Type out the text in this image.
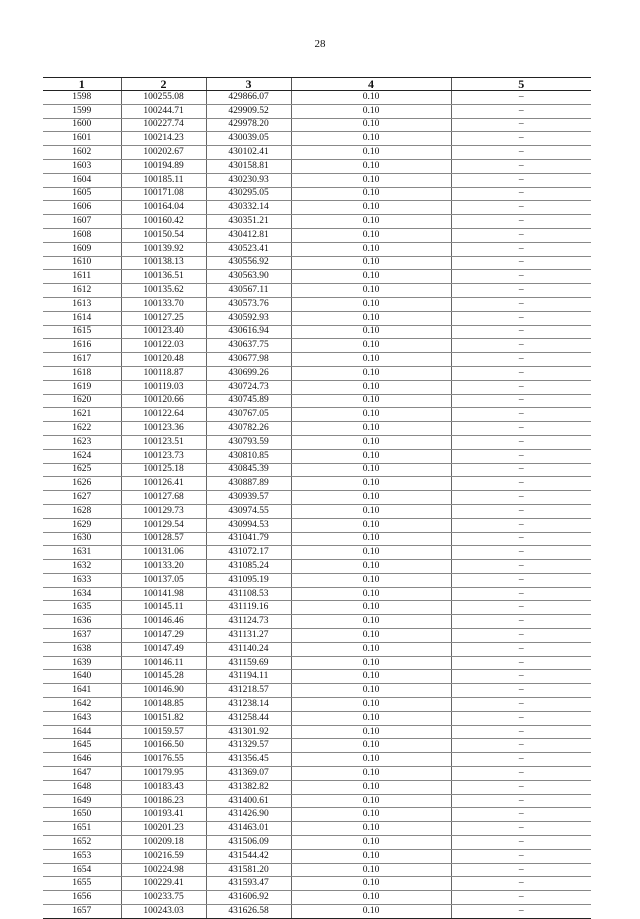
28
1	2	3	4	5
1598	100255.08	429866.07	0.10	–
1599	100244.71	429909.52	0.10	–
1600	100227.74	429978.20	0.10	–
1601	100214.23	430039.05	0.10	–
1602	100202.67	430102.41	0.10	–
1603	100194.89	430158.81	0.10	–
1604	100185.11	430230.93	0.10	–
1605	100171.08	430295.05	0.10	–
1606	100164.04	430332.14	0.10	–
1607	100160.42	430351.21	0.10	–
1608	100150.54	430412.81	0.10	–
1609	100139.92	430523.41	0.10	–
1610	100138.13	430556.92	0.10	–
1611	100136.51	430563.90	0.10	–
1612	100135.62	430567.11	0.10	–
1613	100133.70	430573.76	0.10	–
1614	100127.25	430592.93	0.10	–
1615	100123.40	430616.94	0.10	–
1616	100122.03	430637.75	0.10	–
1617	100120.48	430677.98	0.10	–
1618	100118.87	430699.26	0.10	–
1619	100119.03	430724.73	0.10	–
1620	100120.66	430745.89	0.10	–
1621	100122.64	430767.05	0.10	–
1622	100123.36	430782.26	0.10	–
1623	100123.51	430793.59	0.10	–
1624	100123.73	430810.85	0.10	–
1625	100125.18	430845.39	0.10	–
1626	100126.41	430887.89	0.10	–
1627	100127.68	430939.57	0.10	–
1628	100129.73	430974.55	0.10	–
1629	100129.54	430994.53	0.10	–
1630	100128.57	431041.79	0.10	–
1631	100131.06	431072.17	0.10	–
1632	100133.20	431085.24	0.10	–
1633	100137.05	431095.19	0.10	–
1634	100141.98	431108.53	0.10	–
1635	100145.11	431119.16	0.10	–
1636	100146.46	431124.73	0.10	–
1637	100147.29	431131.27	0.10	–
1638	100147.49	431140.24	0.10	–
1639	100146.11	431159.69	0.10	–
1640	100145.28	431194.11	0.10	–
1641	100146.90	431218.57	0.10	–
1642	100148.85	431238.14	0.10	–
1643	100151.82	431258.44	0.10	–
1644	100159.57	431301.92	0.10	–
1645	100166.50	431329.57	0.10	–
1646	100176.55	431356.45	0.10	–
1647	100179.95	431369.07	0.10	–
1648	100183.43	431382.82	0.10	–
1649	100186.23	431400.61	0.10	–
1650	100193.41	431426.90	0.10	–
1651	100201.23	431463.01	0.10	–
1652	100209.18	431506.09	0.10	–
1653	100216.59	431544.42	0.10	–
1654	100224.98	431581.20	0.10	–
1655	100229.41	431593.47	0.10	–
1656	100233.75	431606.92	0.10	–
1657	100243.03	431626.58	0.10	–
